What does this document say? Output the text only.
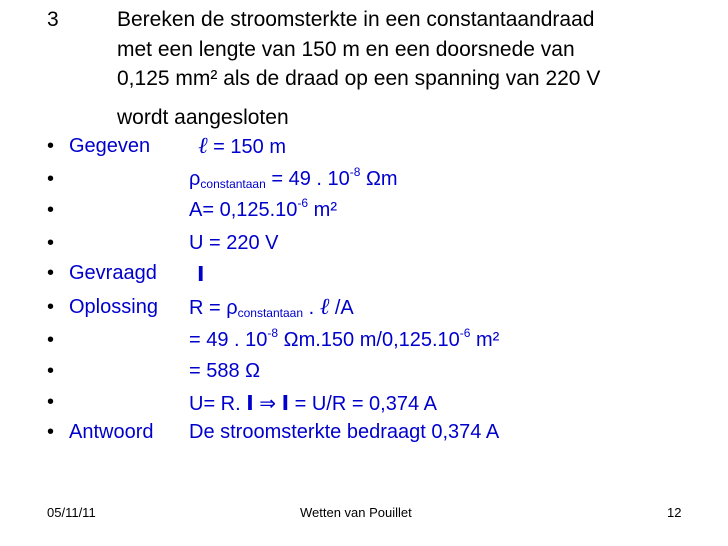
3	Bereken de stroomsterkte in een constantaandraad
met een lengte van 150 m en een doorsnede van
0,125 mm² als de draad op een spanning van 220 V
wordt aangesloten
• Gegeven ℓ = 150 m
•	$\rho_{constantaan} = 49$ . $10^{-8}$ Ωm
•	$A= 0,125.10^{-6}$ m²
•	U = 220 V
• Gevraagd I
• Oplossing $R = \rho_{constantaan}$ . ℓ /A
•	= 49 . $10^{-8}$ Ωm.150 $m/0,125.10^{-6}$ m²
•	= 588 Ω
•	U= R. I ⇒ I = U/R = 0,374 A
• Antwoord De stroomsterkte bedraagt 0,374 A
05/11/11	Wetten van Pouillet	12
